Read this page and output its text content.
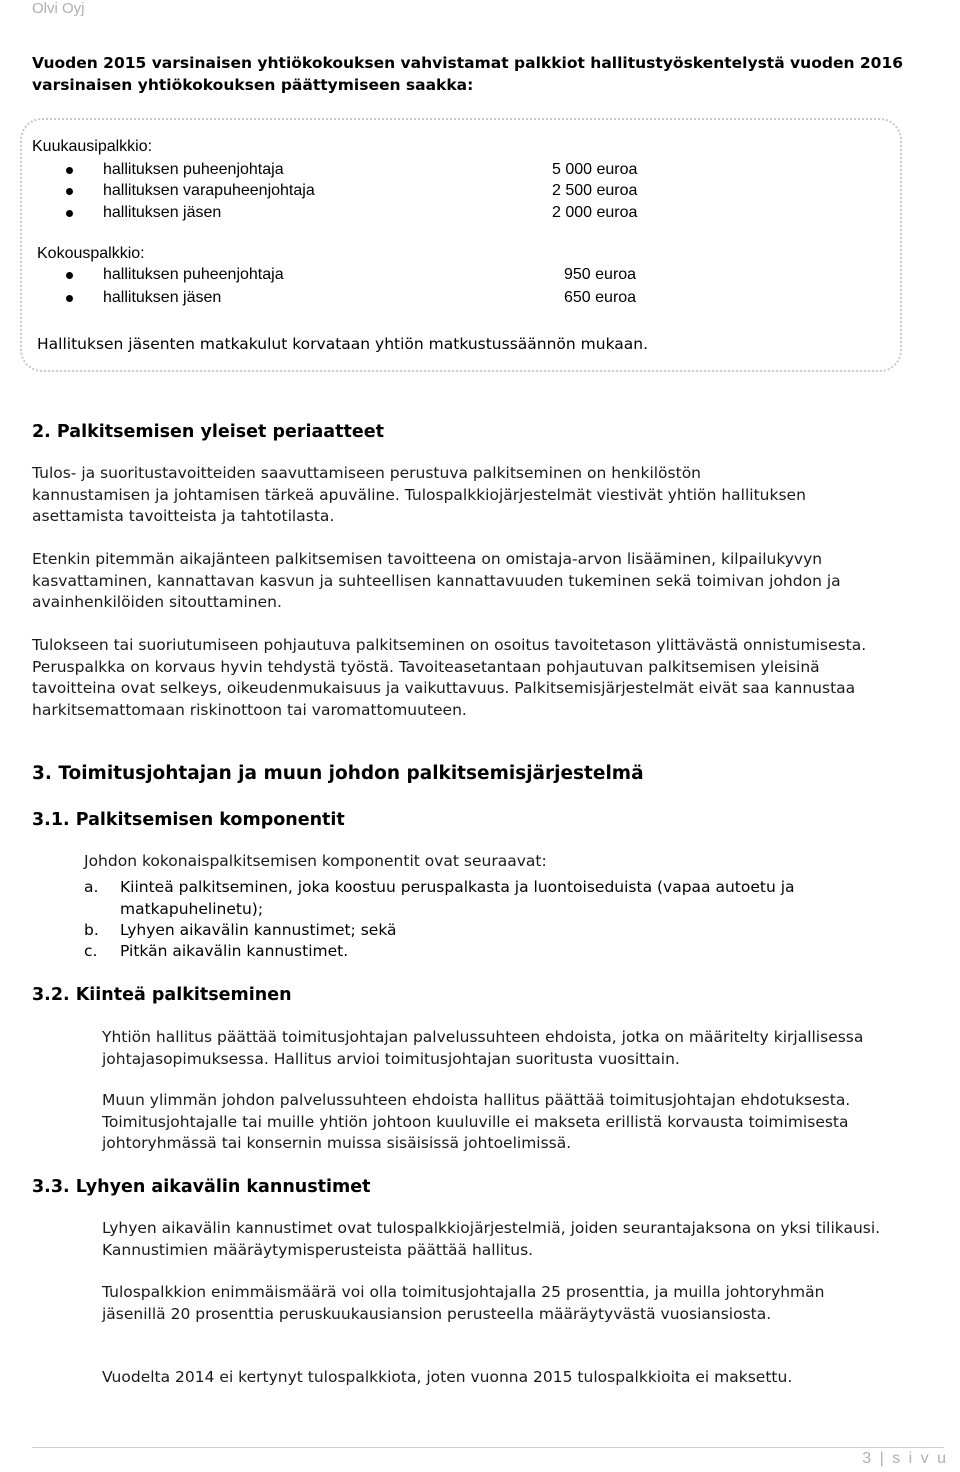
Olvi Oyj
Vuoden 2015 varsinaisen yhtiökokouksen vahvistamat palkkiot hallitustyöskentelystä vuoden 2016 varsinaisen yhtiökokouksen päättymiseen saakka:
Kuukausipalkkio:
hallituksen puheenjohtaja	5 000 euroa
hallituksen varapuheenjohtaja	2 500 euroa
hallituksen jäsen	2 000 euroa
Kokouspalkkio:
hallituksen puheenjohtaja	950 euroa
hallituksen jäsen	650 euroa
Hallituksen jäsenten matkakulut korvataan yhtiön matkustussäännön mukaan.
2. Palkitsemisen yleiset periaatteet
Tulos- ja suoritustavoitteiden saavuttamiseen perustuva palkitseminen on henkilöstön kannustamisen ja johtamisen tärkeä apuväline. Tulospalkkiojärjestelmät viestivät yhtiön hallituksen asettamista tavoitteista ja tahtotilasta.
Etenkin pitemmän aikajänteen palkitsemisen tavoitteena on omistaja-arvon lisääminen, kilpailukyvyn kasvattaminen, kannattavan kasvun ja suhteellisen kannattavuuden tukeminen sekä toimivan johdon ja avainhenkilöiden sitouttaminen.
Tulokseen tai suoriutumiseen pohjautuva palkitseminen on osoitus tavoitetason ylittävästä onnistumisesta. Peruspalkka on korvaus hyvin tehdystä työstä. Tavoiteasetantaan pohjautuvan palkitsemisen yleisinä tavoitteina ovat selkeys, oikeudenmukaisuus ja vaikuttavuus. Palkitsemisjärjestelmät eivät saa kannustaa harkitsemattomaan riskinottoon tai varomattomuuteen.
3. Toimitusjohtajan ja muun johdon palkitsemisjärjestelmä
3.1. Palkitsemisen komponentit
Johdon kokonaispalkitsemisen komponentit ovat seuraavat:
a. Kiinteä palkitseminen, joka koostuu peruspalkasta ja luontoiseduista (vapaa autoetu ja matkapuhelinetu);
b. Lyhyen aikavälin kannustimet; sekä
c. Pitkän aikavälin kannustimet.
3.2. Kiinteä palkitseminen
Yhtiön hallitus päättää toimitusjohtajan palvelussuhteen ehdoista, jotka on määritelty kirjallisessa johtajasopimuksessa. Hallitus arvioi toimitusjohtajan suoritusta vuosittain.
Muun ylimmän johdon palvelussuhteen ehdoista hallitus päättää toimitusjohtajan ehdotuksesta. Toimitusjohtajalle tai muille yhtiön johtoon kuuluville ei makseta erillistä korvausta toimimisesta johtoryhmässä tai konsernin muissa sisäisissä johtoelimissä.
3.3. Lyhyen aikavälin kannustimet
Lyhyen aikavälin kannustimet ovat tulospalkkiojärjestelmiä, joiden seurantajaksona on yksi tilikausi. Kannustimien määräytymisperusteista päättää hallitus.
Tulospalkkion enimmäismäärä voi olla toimitusjohtajalla 25 prosenttia, ja muilla johtoryhmän jäsenillä 20 prosenttia peruskuukausiansion perusteella määräytyvästä vuosiansiosta.
Vuodelta 2014 ei kertynyt tulospalkkiota, joten vuonna 2015 tulospalkkioita ei maksettu.
3 | s i v u
